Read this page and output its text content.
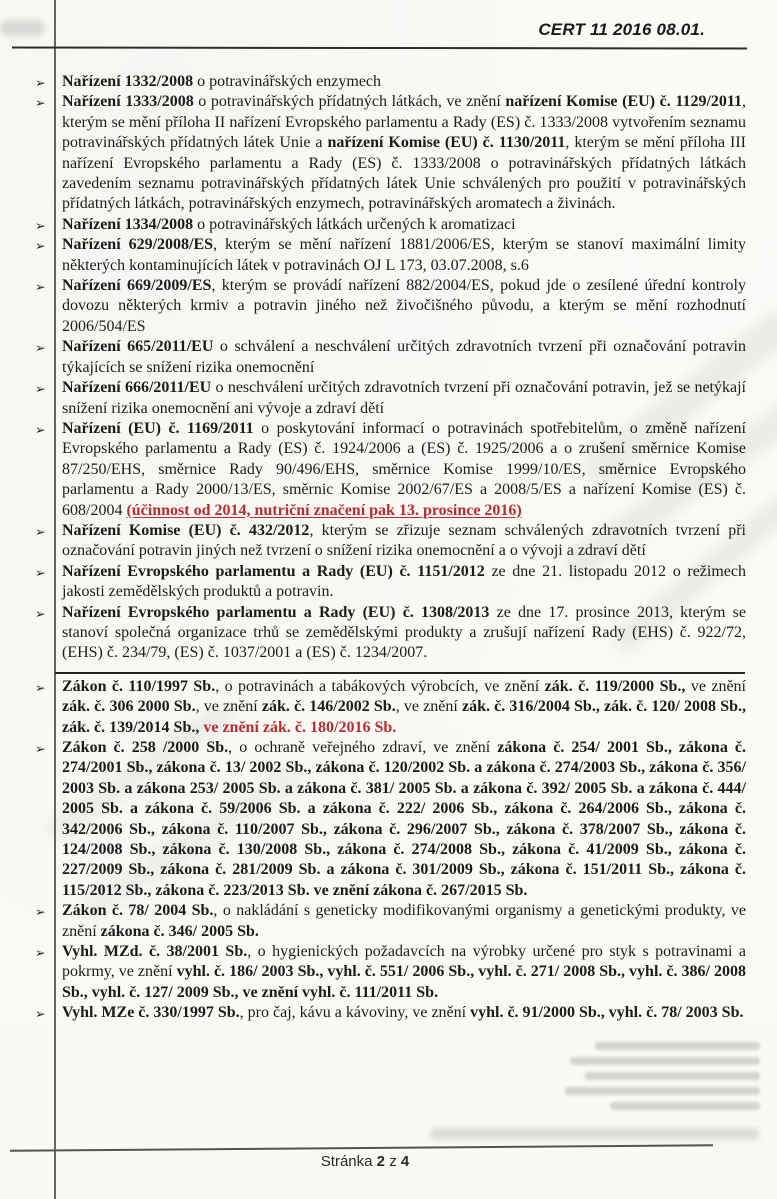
CERT 11 2016 08.01.
➢ Nařízení 1332/2008 o potravinářských enzymech
➢ Nařízení 1333/2008 o potravinářských přídatných látkách, ve znění nařízení Komise (EU) č. 1129/2011, kterým se mění příloha II nařízení Evropského parlamentu a Rady (ES) č. 1333/2008 vytvořením seznamu potravinářských přídatných látek Unie a nařízení Komise (EU) č. 1130/2011, kterým se mění příloha III nařízení Evropského parlamentu a Rady (ES) č. 1333/2008 o potravinářských přídatných látkách zavedením seznamu potravinářských přídatných látek Unie schválených pro použití v potravinářských přídatných látkách, potravinářských enzymech, potravinářských aromatech a živinách.
➢ Nařízení 1334/2008 o potravinářských látkách určených k aromatizaci
➢ Nařízení 629/2008/ES, kterým se mění nařízení 1881/2006/ES, kterým se stanoví maximální limity některých kontaminujících látek v potravinách OJ L 173, 03.07.2008, s.6
➢ Nařízení 669/2009/ES, kterým se provádí nařízení 882/2004/ES, pokud jde o zesílené úřední kontroly dovozu některých krmiv a potravin jiného než živočišného původu, a kterým se mění rozhodnutí 2006/504/ES
➢ Nařízení 665/2011/EU o schválení a neschválení určitých zdravotních tvrzení při označování potravin týkajících se snížení rizika onemocnění
➢ Nařízení 666/2011/EU o neschválení určitých zdravotních tvrzení při označování potravin, jež se netýkají snížení rizika onemocnění ani vývoje a zdraví dětí
➢ Nařízení (EU) č. 1169/2011 o poskytování informací o potravinách spotřebitelům, o změně nařízení Evropského parlamentu a Rady (ES) č. 1924/2006 a (ES) č. 1925/2006 a o zrušení směrnice Komise 87/250/EHS, směrnice Rady 90/496/EHS, směrnice Komise 1999/10/ES, směrnice Evropského parlamentu a Rady 2000/13/ES, směrnic Komise 2002/67/ES a 2008/5/ES a nařízení Komise (ES) č. 608/2004 (účinnost od 2014, nutriční značení pak 13. prosince 2016)
➢ Nařízení Komise (EU) č. 432/2012, kterým se zřizuje seznam schválených zdravotních tvrzení při označování potravin jiných než tvrzení o snížení rizika onemocnění a o vývoji a zdraví dětí
➢ Nařízení Evropského parlamentu a Rady (EU) č. 1151/2012 ze dne 21. listopadu 2012 o režimech jakosti zemědělských produktů a potravin.
➢ Nařízení Evropského parlamentu a Rady (EU) č. 1308/2013 ze dne 17. prosince 2013, kterým se stanoví společná organizace trhů se zemědělskými produkty a zrušují nařízení Rady (EHS) č. 922/72, (EHS) č. 234/79, (ES) č. 1037/2001 a (ES) č. 1234/2007.
➢ Zákon č. 110/1997 Sb., o potravinách a tabákových výrobcích, ve znění zák. č. 119/2000 Sb., ve znění zák. č. 306 2000 Sb., ve znění zák. č. 146/2002 Sb., ve znění zák. č. 316/2004 Sb., zák. č. 120/ 2008 Sb., zák. č. 139/2014 Sb., ve znění zák. č. 180/2016 Sb.
➢ Zákon č. 258 /2000 Sb., o ochraně veřejného zdraví, ve znění zákona č. 254/ 2001 Sb., zákona č. 274/2001 Sb., zákona č. 13/ 2002 Sb., zákona č. 120/2002 Sb. a zákona č. 274/2003 Sb., zákona č. 356/ 2003 Sb. a zákona 253/ 2005 Sb. a zákona č. 381/ 2005 Sb. a zákona č. 392/ 2005 Sb. a zákona č. 444/ 2005 Sb. a zákona č. 59/2006 Sb. a zákona č. 222/ 2006 Sb., zákona č. 264/2006 Sb., zákona č. 342/2006 Sb., zákona č. 110/2007 Sb., zákona č. 296/2007 Sb., zákona č. 378/2007 Sb., zákona č. 124/2008 Sb., zákona č. 130/2008 Sb., zákona č. 274/2008 Sb., zákona č. 41/2009 Sb., zákona č. 227/2009 Sb., zákona č. 281/2009 Sb. a zákona č. 301/2009 Sb., zákona č. 151/2011 Sb., zákona č. 115/2012 Sb., zákona č. 223/2013 Sb. ve znění zákona č. 267/2015 Sb.
➢ Zákon č. 78/ 2004 Sb., o nakládání s geneticky modifikovanými organismy a genetickými produkty, ve znění zákona č. 346/ 2005 Sb.
➢ Vyhl. MZd. č. 38/2001 Sb., o hygienických požadavcích na výrobky určené pro styk s potravinami a pokrmy, ve znění vyhl. č. 186/ 2003 Sb., vyhl. č. 551/ 2006 Sb., vyhl. č. 271/ 2008 Sb., vyhl. č. 386/ 2008 Sb., vyhl. č. 127/ 2009 Sb., ve znění vyhl. č. 111/2011 Sb.
➢ Vyhl. MZe č. 330/1997 Sb., pro čaj, kávu a kávoviny, ve znění vyhl. č. 91/2000 Sb., vyhl. č. 78/ 2003 Sb.
Stránka 2 z 4
